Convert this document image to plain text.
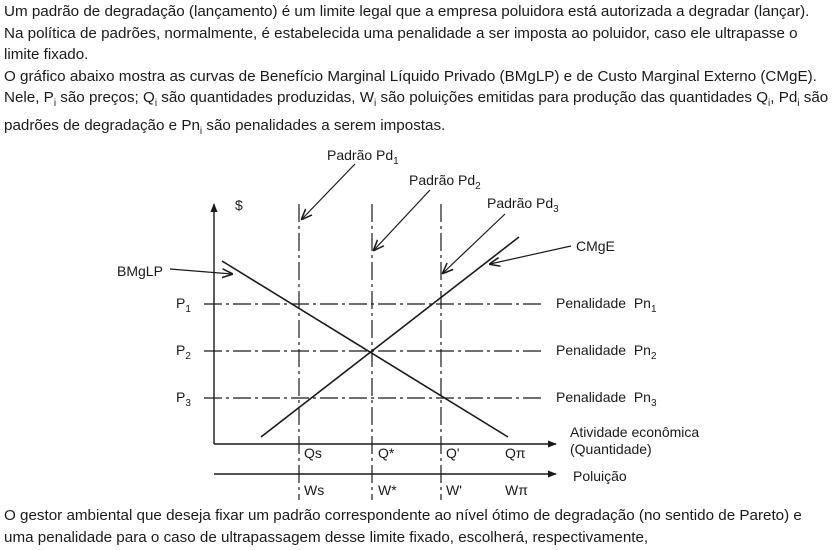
Um padrão de degradação (lançamento) é um limite legal que a empresa poluidora está autorizada a degradar (lançar). Na política de padrões, normalmente, é estabelecida uma penalidade a ser imposta ao poluidor, caso ele ultrapasse o limite fixado.
O gráfico abaixo mostra as curvas de Benefício Marginal Líquido Privado (BMgLP) e de Custo Marginal Externo (CMgE). Nele, $P_i$ são preços; $Q_i$ são quantidades produzidas, $W_i$ são poluições emitidas para produção das quantidades $Q_i$, $Pd_i$ são padrões de degradação e $Pn_i$ são penalidades a serem impostas.

$
$P_1$
$P_2$
$P_3$
Penalidade  $Pn_1$
Penalidade  $Pn_2$
Penalidade  $Pn_3$
Padrão $Pd_1$
Padrão $Pd_2$
Padrão $Pd_3$
BMgLP
CMgE
Qs	Q*	Q'	Qπ
Atividade econômica
(Quantidade)
Ws	W*	W'	Wπ
Poluição

O gestor ambiental que deseja fixar um padrão correspondente ao nível ótimo de degradação (no sentido de Pareto) e uma penalidade para o caso de ultrapassagem desse limite fixado, escolherá, respectivamente,
